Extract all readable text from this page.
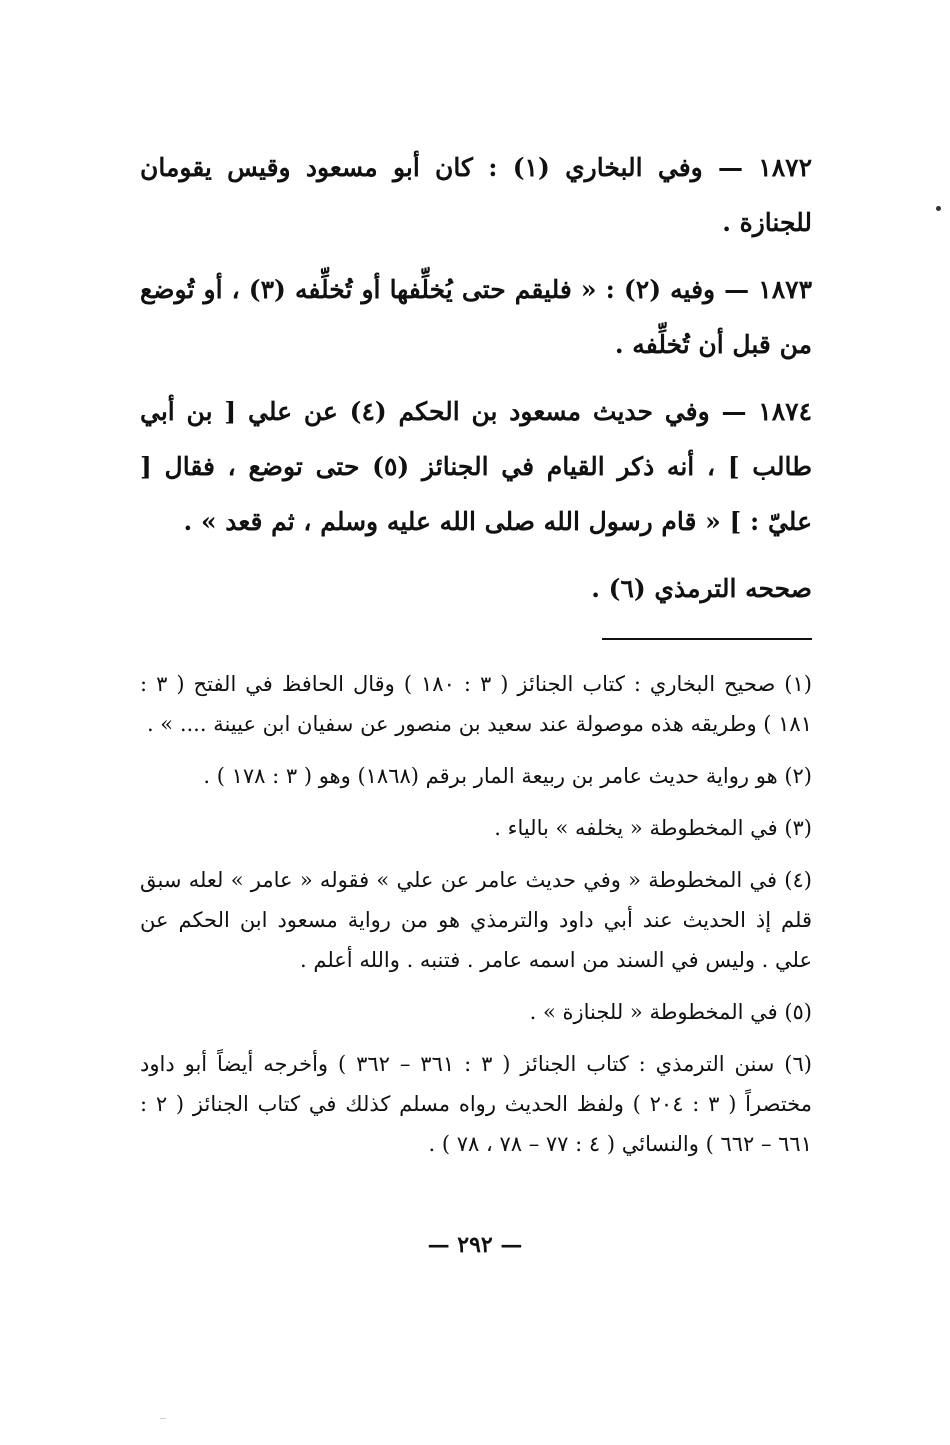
١٨٧٢ — وفي البخاري (١) : كان أبو مسعود وقيس يقومان للجنازة .

١٨٧٣ — وفيه (٢) : « فليقم حتى يُخلِّفها أو تُخلِّفه (٣) ، أو تُوضع من قبل أن تُخلِّفه .

١٨٧٤ — وفي حديث مسعود بن الحكم (٤) عن علي [ بن أبي طالب ] ، أنه ذكر القيام في الجنائز (٥) حتى توضع ، فقال [ عليّ : ] « قام رسول الله صلى الله عليه وسلم ، ثم قعد » .

صححه الترمذي (٦) .

(١) صحيح البخاري : كتاب الجنائز ( ٣ : ١٨٠ ) وقال الحافظ في الفتح ( ٣ : ١٨١ ) وطريقه هذه موصولة عند سعيد بن منصور عن سفيان ابن عيينة .... » .

(٢) هو رواية حديث عامر بن ربيعة المار برقم (١٨٦٨) وهو ( ٣ : ١٧٨ ) .

(٣) في المخطوطة « يخلفه » بالياء .

(٤) في المخطوطة « وفي حديث عامر عن علي » فقوله « عامر » لعله سبق قلم إذ الحديث عند أبي داود والترمذي هو من رواية مسعود ابن الحكم عن علي . وليس في السند من اسمه عامر . فتنبه . والله أعلم .

(٥) في المخطوطة « للجنازة » .

(٦) سنن الترمذي : كتاب الجنائز ( ٣ : ٣٦١ – ٣٦٢ ) وأخرجه أيضاً أبو داود مختصراً ( ٣ : ٢٠٤ ) ولفظ الحديث رواه مسلم كذلك في كتاب الجنائز ( ٢ : ٦٦١ – ٦٦٢ ) والنسائي ( ٤ : ٧٧ – ٧٨ ، ٧٨ ) .

— ٢٩٢ —
